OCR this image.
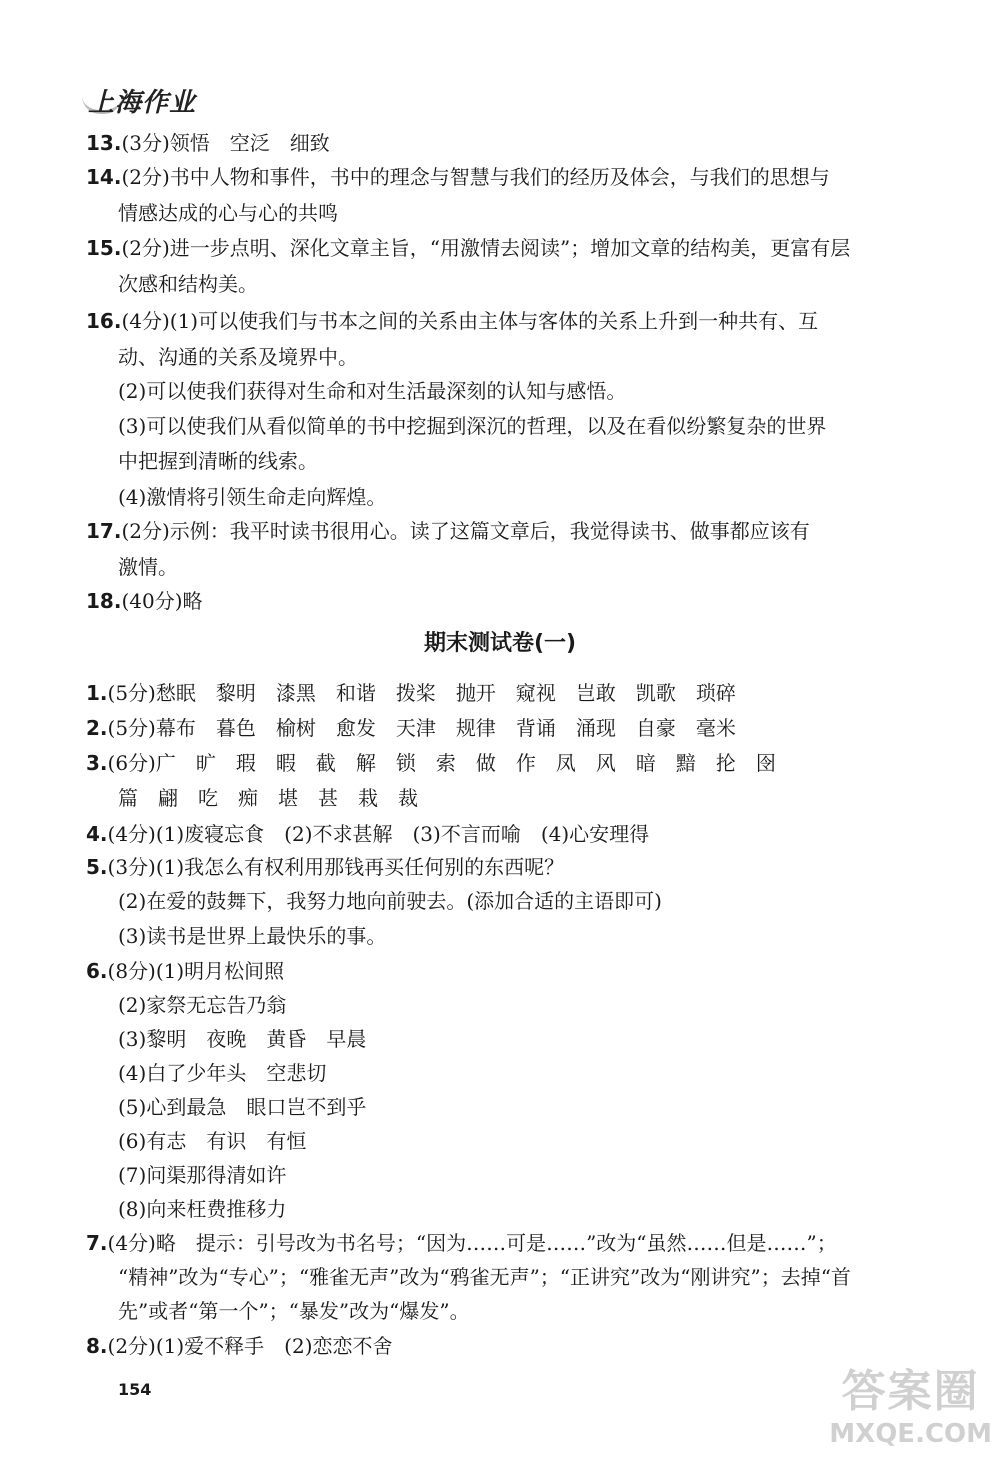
上海作业
13.(3分)领悟　空泛　细致
14.(2分)书中人物和事件，书中的理念与智慧与我们的经历及体会，与我们的思想与
情感达成的心与心的共鸣
15.(2分)进一步点明、深化文章主旨，“用激情去阅读”；增加文章的结构美，更富有层
次感和结构美。
16.(4分)(1)可以使我们与书本之间的关系由主体与客体的关系上升到一种共有、互
动、沟通的关系及境界中。
(2)可以使我们获得对生命和对生活最深刻的认知与感悟。
(3)可以使我们从看似简单的书中挖掘到深沉的哲理，以及在看似纷繁复杂的世界
中把握到清晰的线索。
(4)激情将引领生命走向辉煌。
17.(2分)示例：我平时读书很用心。读了这篇文章后，我觉得读书、做事都应该有
激情。
18.(40分)略
期末测试卷(一)
1.(5分)愁眠　黎明　漆黑　和谐　拨桨　抛开　窥视　岂敢　凯歌　琐碎
2.(5分)幕布　暮色　榆树　愈发　天津　规律　背诵　涌现　自豪　毫米
3.(6分)广　旷　瑕　暇　截　解　锁　索　做　作　凤　风　暗　黯　抡　囹
篇　翩　吃　痴　堪　甚　栽　裁
4.(4分)(1)废寝忘食　(2)不求甚解　(3)不言而喻　(4)心安理得
5.(3分)(1)我怎么有权利用那钱再买任何别的东西呢？
(2)在爱的鼓舞下，我努力地向前驶去。(添加合适的主语即可)
(3)读书是世界上最快乐的事。
6.(8分)(1)明月松间照
(2)家祭无忘告乃翁
(3)黎明　夜晚　黄昏　早晨
(4)白了少年头　空悲切
(5)心到最急　眼口岂不到乎
(6)有志　有识　有恒
(7)问渠那得清如许
(8)向来枉费推移力
7.(4分)略　提示：引号改为书名号；“因为……可是……”改为“虽然……但是……”；
“精神”改为“专心”；“雅雀无声”改为“鸦雀无声”；“正讲究”改为“刚讲究”；去掉“首
先”或者“第一个”；“暴发”改为“爆发”。
8.(2分)(1)爱不释手　(2)恋恋不舍
154	答案圈
MXQE.COM
